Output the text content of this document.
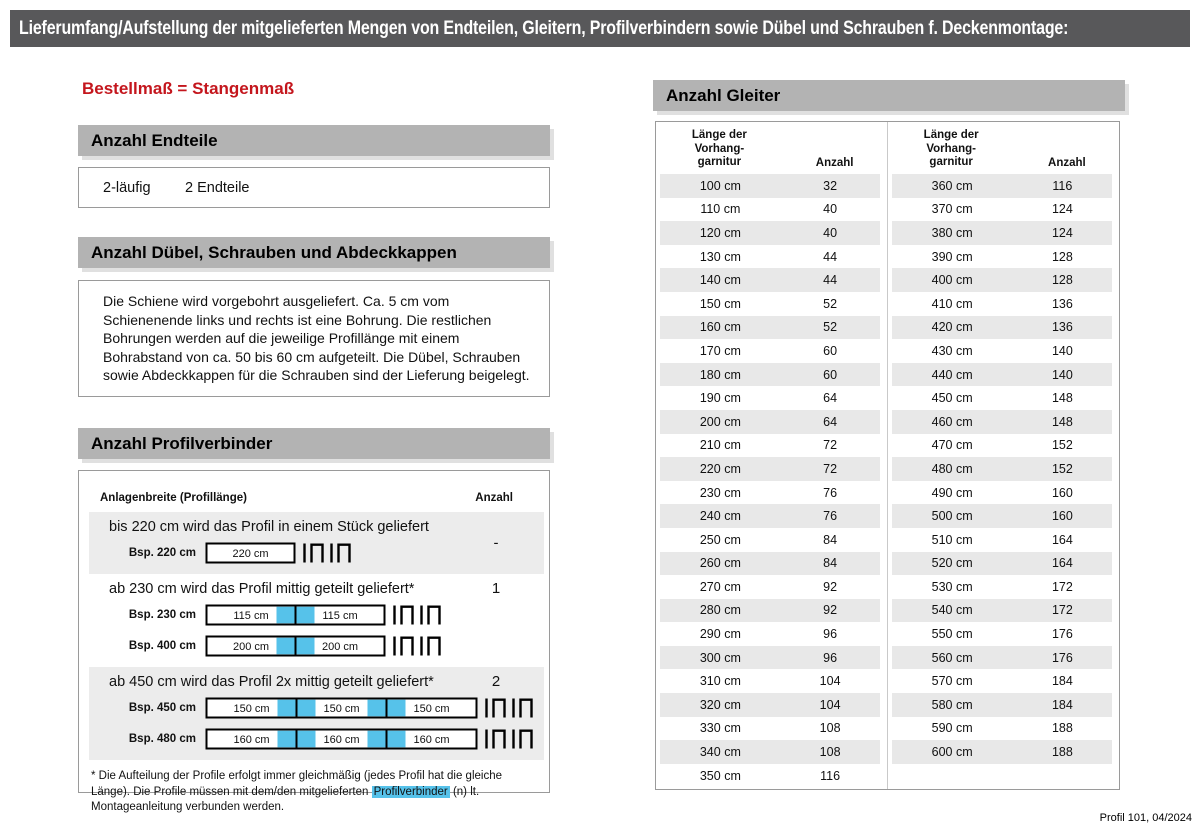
Lieferumfang/Aufstellung der mitgelieferten Mengen von Endteilen, Gleitern, Profilverbindern sowie Dübel und Schrauben f. Deckenmontage:
Bestellmaß = Stangenmaß
Anzahl Endteile
2-läufig	2 Endteile
Anzahl Dübel, Schrauben und Abdeckkappen
Die Schiene wird vorgebohrt ausgeliefert. Ca. 5 cm vom Schienenende links und rechts ist eine Bohrung. Die restlichen Bohrungen werden auf die jeweilige Profillänge mit einem Bohrabstand von ca. 50 bis 60 cm aufgeteilt. Die Dübel, Schrauben sowie Abdeckkappen für die Schrauben sind der Lieferung beigelegt.
Anzahl Profilverbinder
Anlagenbreite (Profillänge)	Anzahl
bis 220 cm wird das Profil in einem Stück geliefert
-
Bsp. 220 cm	220 cm
ab 230 cm wird das Profil mittig geteilt geliefert*	1
Bsp. 230 cm	115 cm	115 cm
Bsp. 400 cm	200 cm	200 cm
ab 450 cm wird das Profil 2x mittig geteilt geliefert*	2
Bsp. 450 cm	150 cm	150 cm	150 cm
Bsp. 480 cm	160 cm	160 cm	160 cm
* Die Aufteilung der Profile erfolgt immer gleichmäßig (jedes Profil hat die gleiche Länge). Die Profile müssen mit dem/den mitgelieferten Profilverbinder (n) lt. Montageanleitung verbunden werden.
Anzahl Gleiter
Länge der
Vorhang-
garnitur	Anzahl
100 cm	32
110 cm	40
120 cm	40
130 cm	44
140 cm	44
150 cm	52
160 cm	52
170 cm	60
180 cm	60
190 cm	64
200 cm	64
210 cm	72
220 cm	72
230 cm	76
240 cm	76
250 cm	84
260 cm	84
270 cm	92
280 cm	92
290 cm	96
300 cm	96
310 cm	104
320 cm	104
330 cm	108
340 cm	108
350 cm	116
Länge der
Vorhang-
garnitur	Anzahl
360 cm	116
370 cm	124
380 cm	124
390 cm	128
400 cm	128
410 cm	136
420 cm	136
430 cm	140
440 cm	140
450 cm	148
460 cm	148
470 cm	152
480 cm	152
490 cm	160
500 cm	160
510 cm	164
520 cm	164
530 cm	172
540 cm	172
550 cm	176
560 cm	176
570 cm	184
580 cm	184
590 cm	188
600 cm	188
Profil 101, 04/2024
